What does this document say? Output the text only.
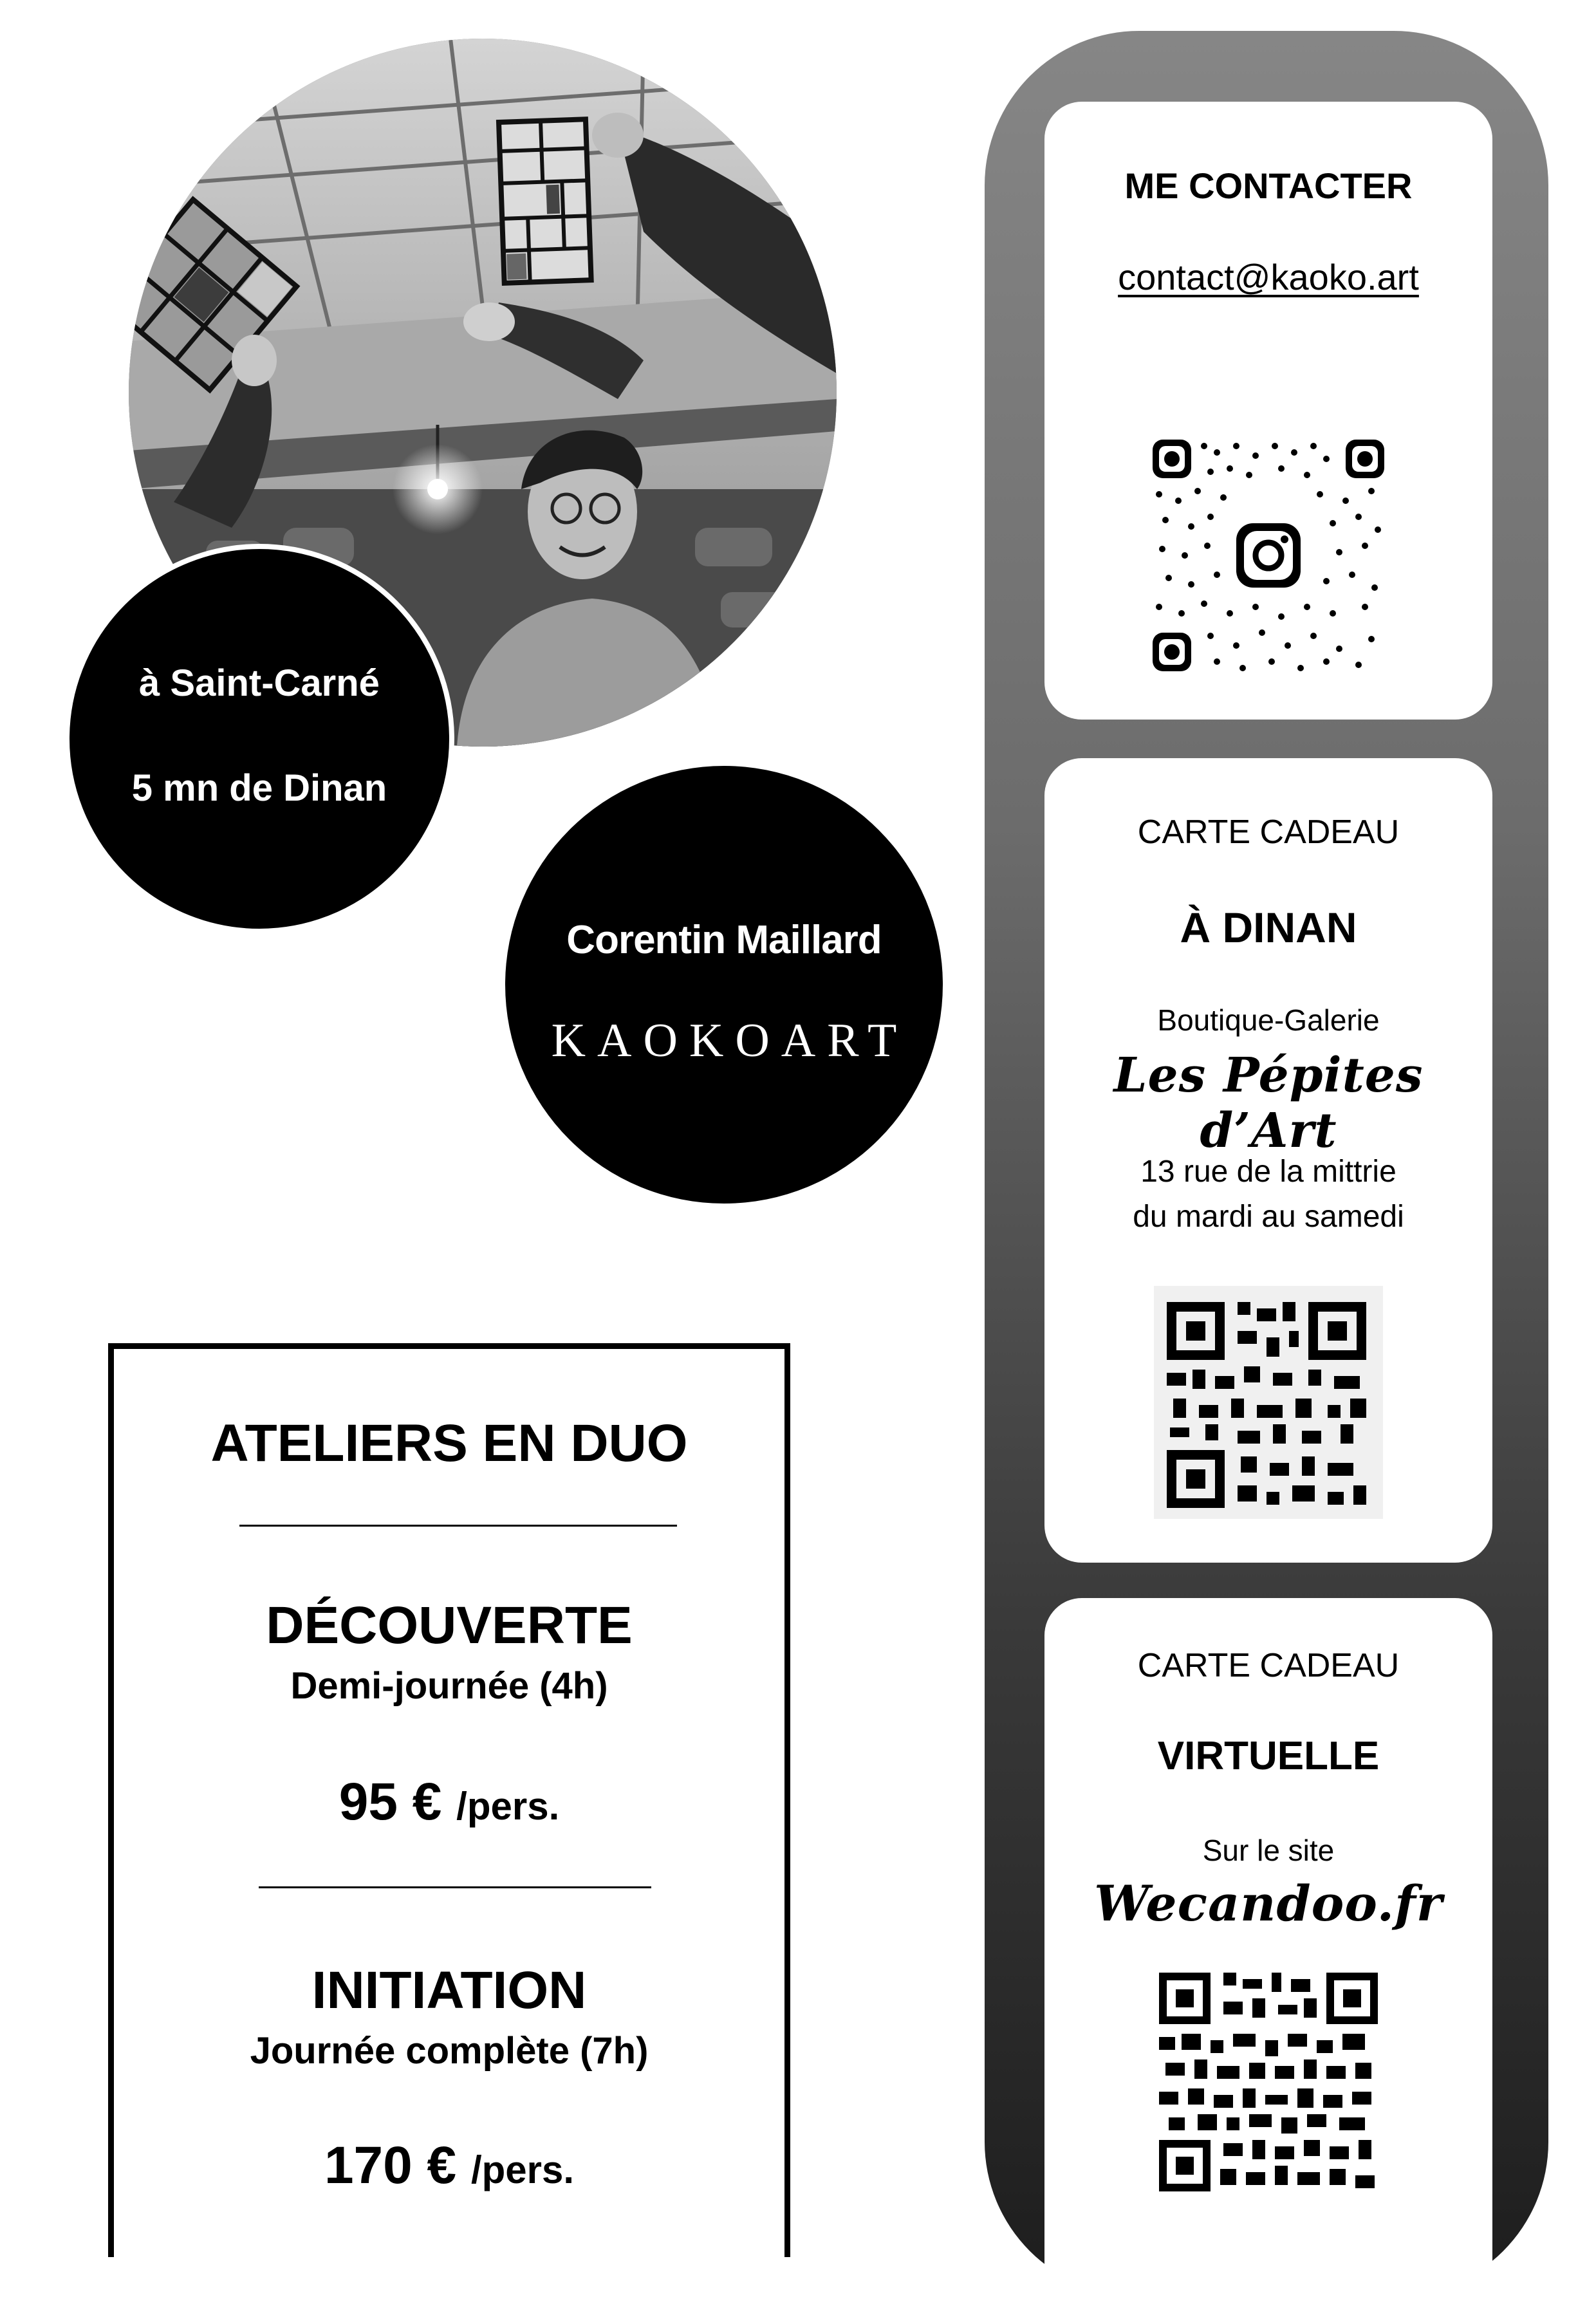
à Saint-Carné
5 mn de Dinan
Corentin Maillard
KAOKOART
ATELIERS EN DUO
DÉCOUVERTE
Demi-journée (4h)
95 € /pers.
INITIATION
Journée complète (7h)
170 € /pers.
ME CONTACTER
contact@kaoko.art
CARTE CADEAU
À DINAN
Boutique-Galerie
Les Pépites d’Art
13 rue de la mittrie
du mardi au samedi
CARTE CADEAU
VIRTUELLE
Sur le site
Wecandoo.fr
